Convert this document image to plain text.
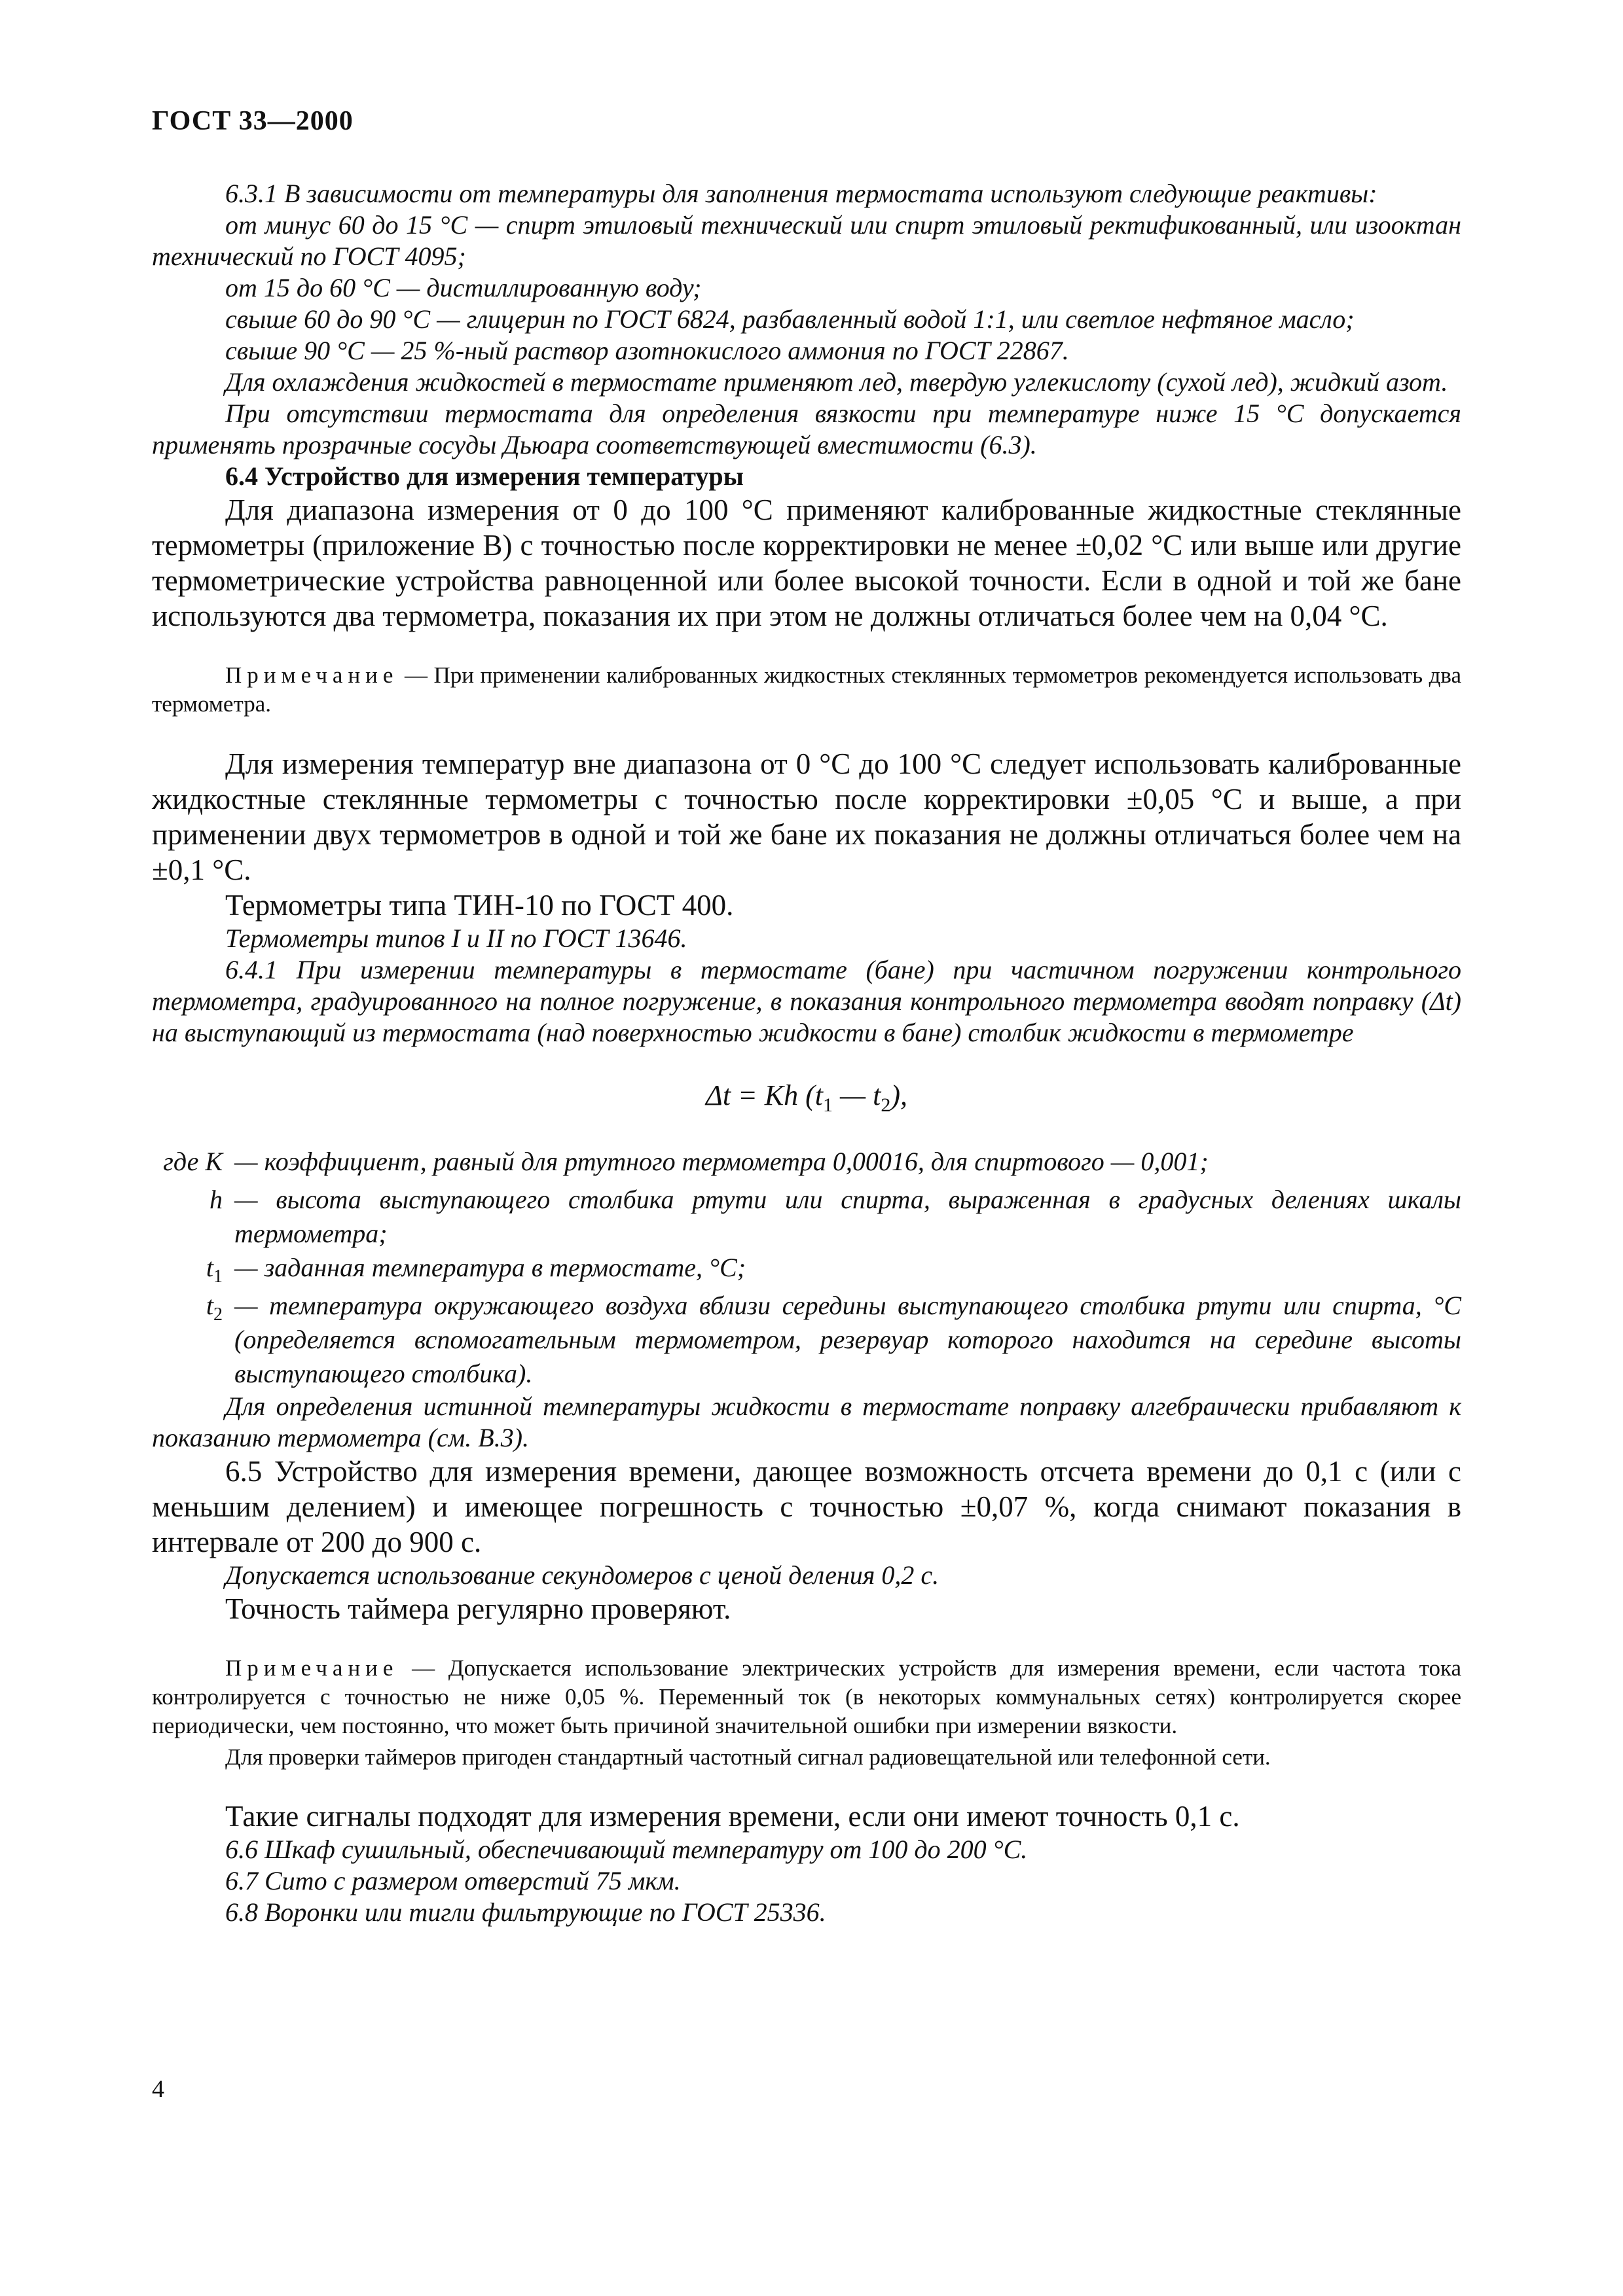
ГОСТ 33—2000

6.3.1 В зависимости от температуры для заполнения термостата используют следующие реактивы:

от минус 60 до 15 °С — спирт этиловый технический или спирт этиловый ректификованный, или изооктан технический по ГОСТ 4095;

от 15 до 60 °С — дистиллированную воду;

свыше 60 до 90 °С — глицерин по ГОСТ 6824, разбавленный водой 1:1, или светлое нефтяное масло;

свыше 90 °С — 25 %-ный раствор азотнокислого аммония по ГОСТ 22867.

Для охлаждения жидкостей в термостате применяют лед, твердую углекислоту (сухой лед), жидкий азот.

При отсутствии термостата для определения вязкости при температуре ниже 15 °С допускается применять прозрачные сосуды Дьюара соответствующей вместимости (6.3).

6.4 Устройство для измерения температуры

Для диапазона измерения от 0 до 100 °С применяют калиброванные жидкостные стеклянные термометры (приложение В) с точностью после корректировки не менее ±0,02 °С или выше или другие термометрические устройства равноценной или более высокой точности. Если в одной и той же бане используются два термометра, показания их при этом не должны отличаться более чем на 0,04 °С.

Примечание — При применении калиброванных жидкостных стеклянных термометров рекомендуется использовать два термометра.

Для измерения температур вне диапазона от 0 °С до 100 °С следует использовать калиброванные жидкостные стеклянные термометры с точностью после корректировки ±0,05 °С и выше, а при применении двух термометров в одной и той же бане их показания не должны отличаться более чем на ±0,1 °С.

Термометры типа ТИН-10 по ГОСТ 400.

Термометры типов I и II по ГОСТ 13646.

6.4.1 При измерении температуры в термостате (бане) при частичном погружении контрольного термометра, градуированного на полное погружение, в показания контрольного термометра вводят поправку (Δt) на выступающий из термостата (над поверхностью жидкости в бане) столбик жидкости в термометре

Δt = Kh ($t_1$ — $t_2$),
где K — коэффициент, равный для ртутного термометра 0,00016, для спиртового — 0,001;
h — высота выступающего столбика ртути или спирта, выраженная в градусных делениях шкалы термометра;
$t_1$ — заданная температура в термостате, °С;
$t_2$ — температура окружающего воздуха вблизи середины выступающего столбика ртути или спирта, °С (определяется вспомогательным термометром, резервуар которого находится на середине высоты выступающего столбика).

Для определения истинной температуры жидкости в термостате поправку алгебраически прибавляют к показанию термометра (см. В.3).

6.5 Устройство для измерения времени, дающее возможность отсчета времени до 0,1 с (или с меньшим делением) и имеющее погрешность с точностью ±0,07 %, когда снимают показания в интервале от 200 до 900 с.

Допускается использование секундомеров с ценой деления 0,2 с.

Точность таймера регулярно проверяют.

Примечание — Допускается использование электрических устройств для измерения времени, если частота тока контролируется с точностью не ниже 0,05 %. Переменный ток (в некоторых коммунальных сетях) контролируется скорее периодически, чем постоянно, что может быть причиной значительной ошибки при измерении вязкости.

Для проверки таймеров пригоден стандартный частотный сигнал радиовещательной или телефонной сети.

Такие сигналы подходят для измерения времени, если они имеют точность 0,1 с.

6.6 Шкаф сушильный, обеспечивающий температуру от 100 до 200 °С.

6.7 Сито с размером отверстий 75 мкм.

6.8 Воронки или тигли фильтрующие по ГОСТ 25336.

4
